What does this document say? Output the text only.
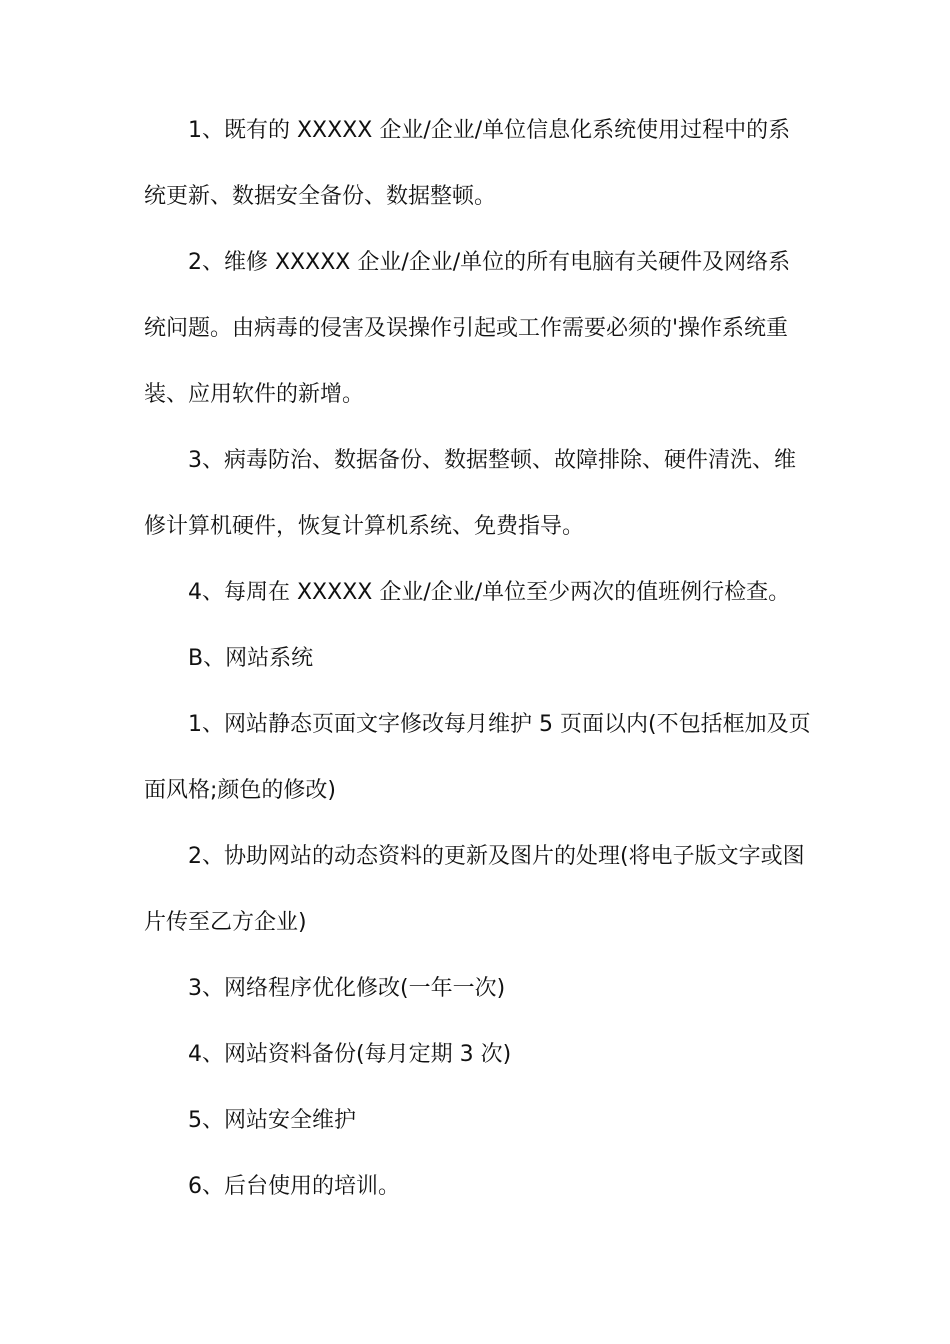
1、既有的 XXXXX 企业/企业/单位信息化系统使用过程中的系统更新、数据安全备份、数据整顿。

2、维修 XXXXX 企业/企业/单位的所有电脑有关硬件及网络系统问题。由病毒的侵害及误操作引起或工作需要必须的'操作系统重装、应用软件的新增。

3、病毒防治、数据备份、数据整顿、故障排除、硬件清洗、维修计算机硬件，恢复计算机系统、免费指导。

4、每周在 XXXXX 企业/企业/单位至少两次的值班例行检查。

B、网站系统

1、网站静态页面文字修改每月维护 5 页面以内(不包括框加及页面风格;颜色的修改)

2、协助网站的动态资料的更新及图片的处理(将电子版文字或图片传至乙方企业)

3、网络程序优化修改(一年一次)

4、网站资料备份(每月定期 3 次)

5、网站安全维护

6、后台使用的培训。
